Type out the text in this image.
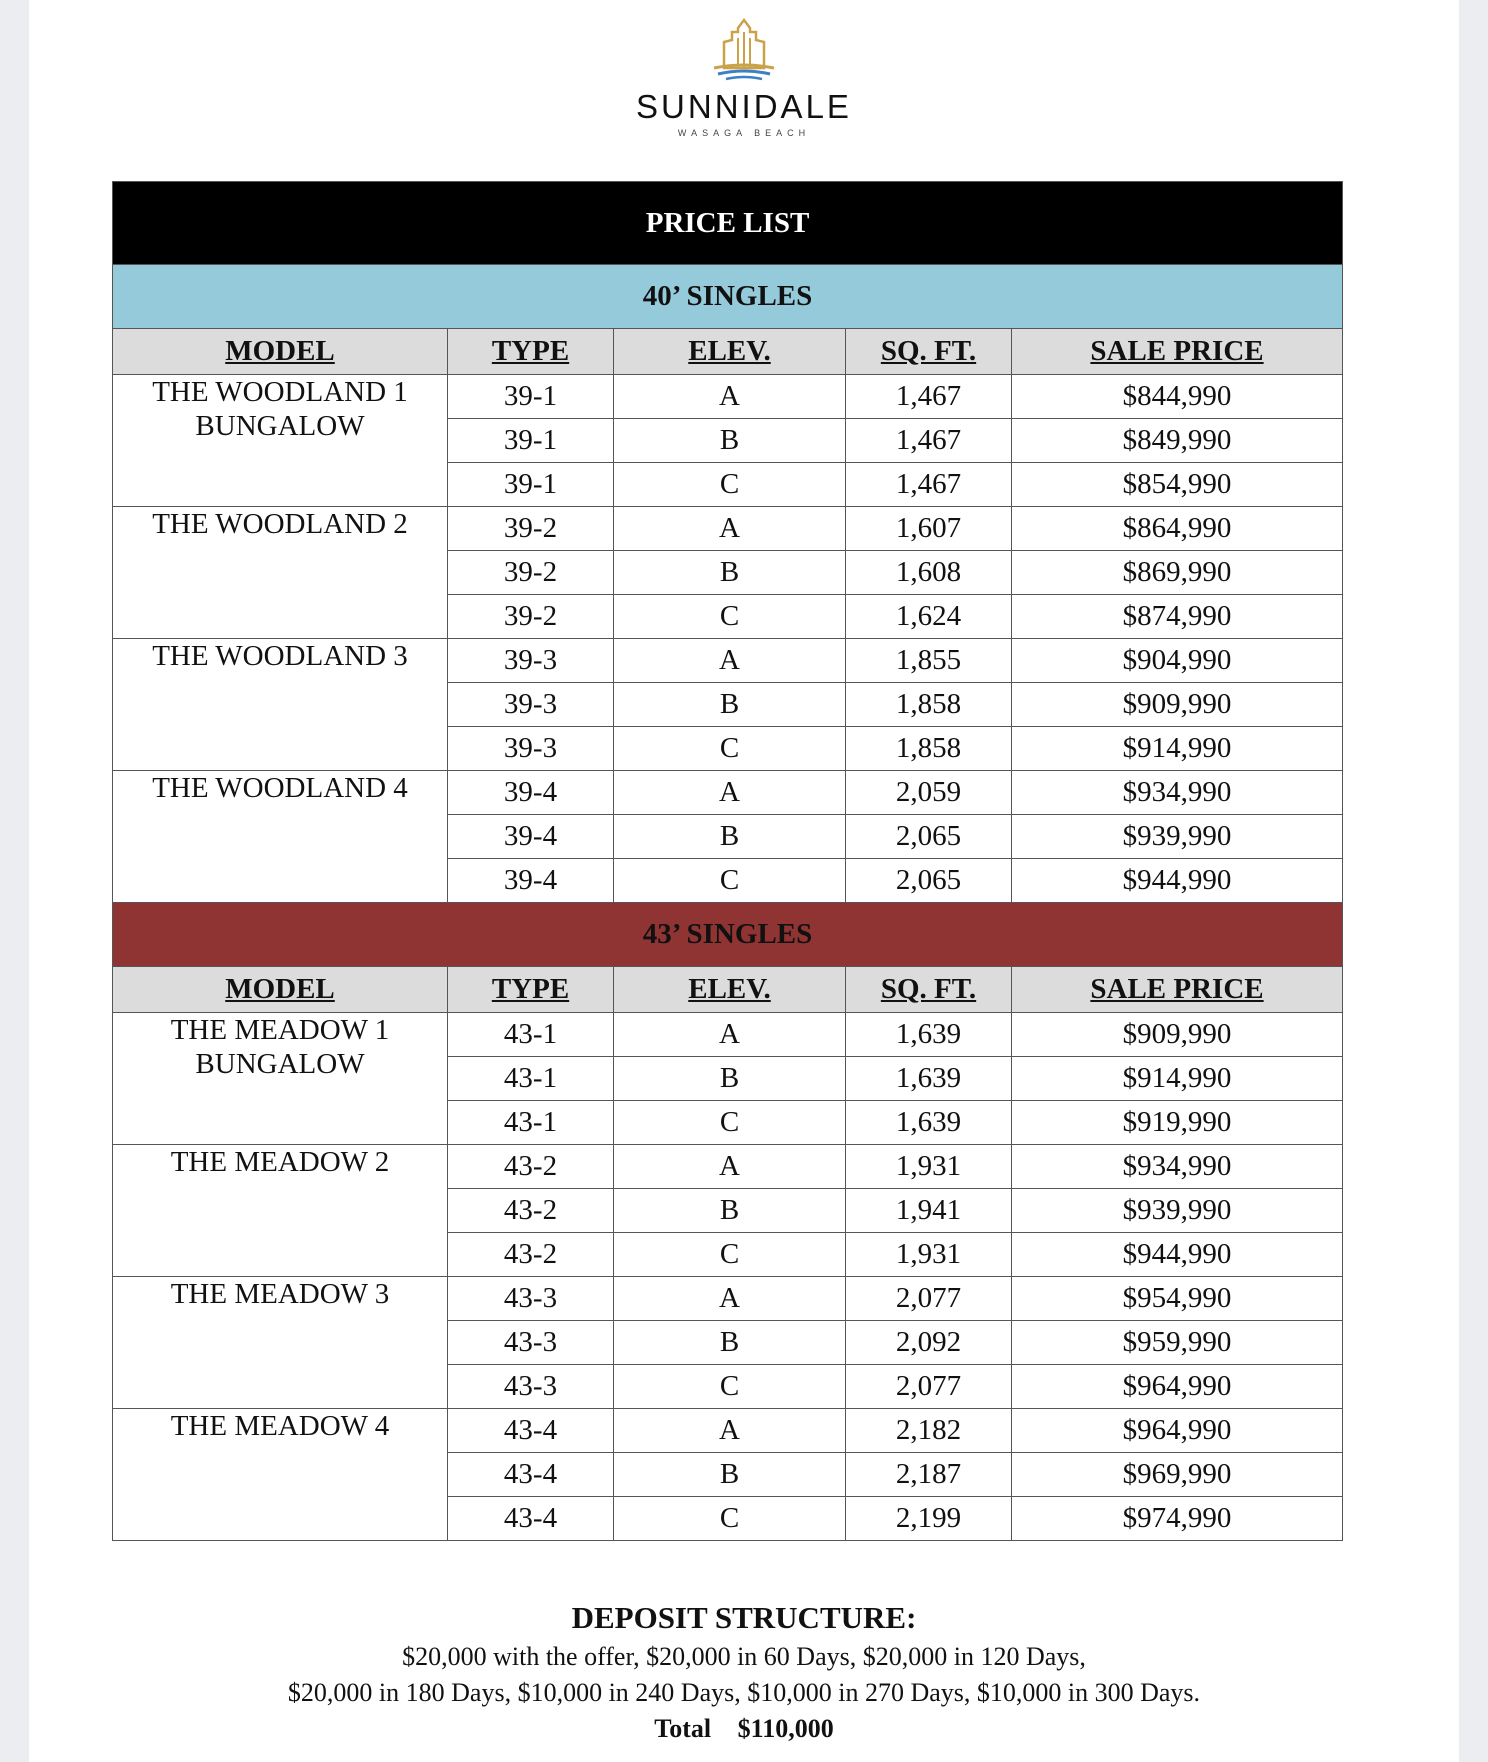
SUNNIDALE
WASAGA BEACH
PRICE LIST				
40’ SINGLES				
MODEL	TYPE	ELEV.	SQ. FT.	SALE PRICE
THE WOODLAND 1
BUNGALOW	39-1	A	1,467	$844,990
	39-1	B	1,467	$849,990
	39-1	C	1,467	$854,990
THE WOODLAND 2	39-2	A	1,607	$864,990
	39-2	B	1,608	$869,990
	39-2	C	1,624	$874,990
THE WOODLAND 3	39-3	A	1,855	$904,990
	39-3	B	1,858	$909,990
	39-3	C	1,858	$914,990
THE WOODLAND 4	39-4	A	2,059	$934,990
	39-4	B	2,065	$939,990
	39-4	C	2,065	$944,990
43’ SINGLES				
MODEL	TYPE	ELEV.	SQ. FT.	SALE PRICE
THE MEADOW 1
BUNGALOW	43-1	A	1,639	$909,990
	43-1	B	1,639	$914,990
	43-1	C	1,639	$919,990
THE MEADOW 2	43-2	A	1,931	$934,990
	43-2	B	1,941	$939,990
	43-2	C	1,931	$944,990
THE MEADOW 3	43-3	A	2,077	$954,990
	43-3	B	2,092	$959,990
	43-3	C	2,077	$964,990
THE MEADOW 4	43-4	A	2,182	$964,990
	43-4	B	2,187	$969,990
	43-4	C	2,199	$974,990
DEPOSIT STRUCTURE:
$20,000 with the offer, $20,000 in 60 Days, $20,000 in 120 Days,
$20,000 in 180 Days, $10,000 in 240 Days, $10,000 in 270 Days, $10,000 in 300 Days.
Total $110,000
